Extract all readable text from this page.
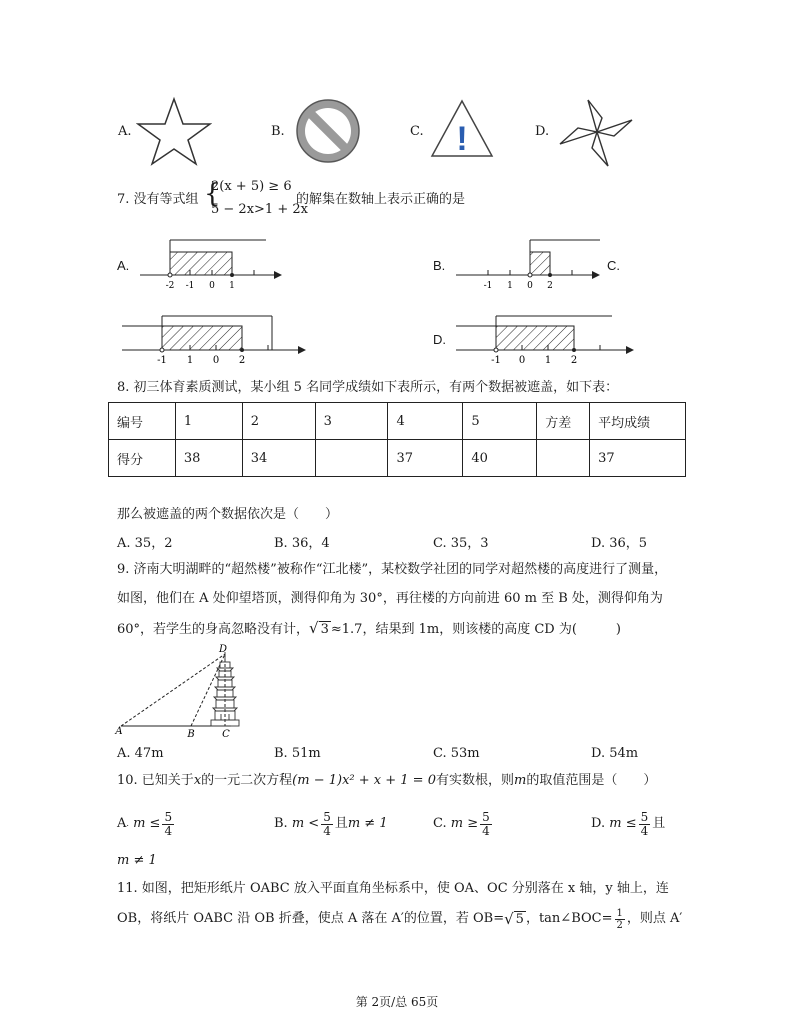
A.	B.	C. !	D.
7. 没有等式组 {
2(x + 5) ≥ 6
5 − 2x>1 + 2x
的解集在数轴上表示正确的是
A.
-2 -1 0 1
B.
-1 1 0 2
C.
-1 1 0 2
D.
-1 0 1 2
8. 初三体育素质测试，某小组 5 名同学成绩如下表所示，有两个数据被遮盖，如下表：
编号	1	2	3	4	5	方差	平均成绩
得分	38	34		37	40		37
那么被遮盖的两个数据依次是（　　）
A. 35，2	B. 36，4	C. 35，3	D. 36，5
9. 济南大明湖畔的“超然楼”被称作“江北楼”，某校数学社团的同学对超然楼的高度进行了测量，
如图，他们在 A 处仰望塔顶，测得仰角为 30°，再往楼的方向前进 60 m 至 B 处，测得仰角为
60°，若学生的身高忽略没有计，√ 3 ≈1.7，结果到 1m，则该楼的高度 CD 为(　　　)
A	B	C
D
A. 47m	B. 51m	C. 53m	D. 54m
10. 已知关于x的一元二次方程(m − 1)x² + x + 1 = 0有实数根，则m的取值范围是（　　）
A .
$m \le \frac{5}{4}$	B.
$m < \frac{5}{4}$ 且 m ≠ 1	C.
$m \ge \frac{5}{4}$	D.
$m \le \frac{5}{4}$ 且
m ≠ 1
11. 如图，把矩形纸片 OABC 放入平面直角坐标系中，使 OA、OC 分别落在 x 轴，y 轴上，连
OB，将纸片 OABC 沿 OB 折叠，使点 A 落在 A′的位置，若 OB= √ 5 ，tan∠BOC= $\frac{1}{2}$ ，则点 A′
第 2页/总 65页
